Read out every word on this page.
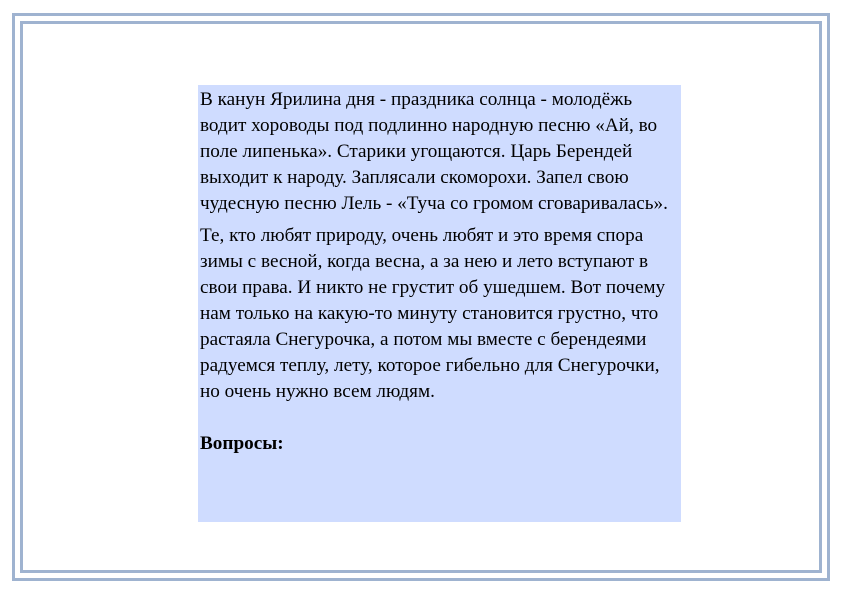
В канун Ярилина дня - праздника солнца - молодёжь водит хороводы под подлинно народную песню «Ай, во поле липенька». Старики угощаются. Царь Берендей выходит к народу. Заплясали скоморохи. Запел свою чудесную песню Лель - «Туча со громом сговаривалась».

Те, кто любят природу, очень любят и это время спора зимы с весной, когда весна, а за нею и лето вступают в свои права. И никто не грустит об ушедшем. Вот почему нам только на какую-то минуту становится грустно, что растаяла Снегурочка, а потом мы вместе с берендеями радуемся теплу, лету, которое гибельно для Снегурочки, но очень нужно всем людям.

Вопросы:
